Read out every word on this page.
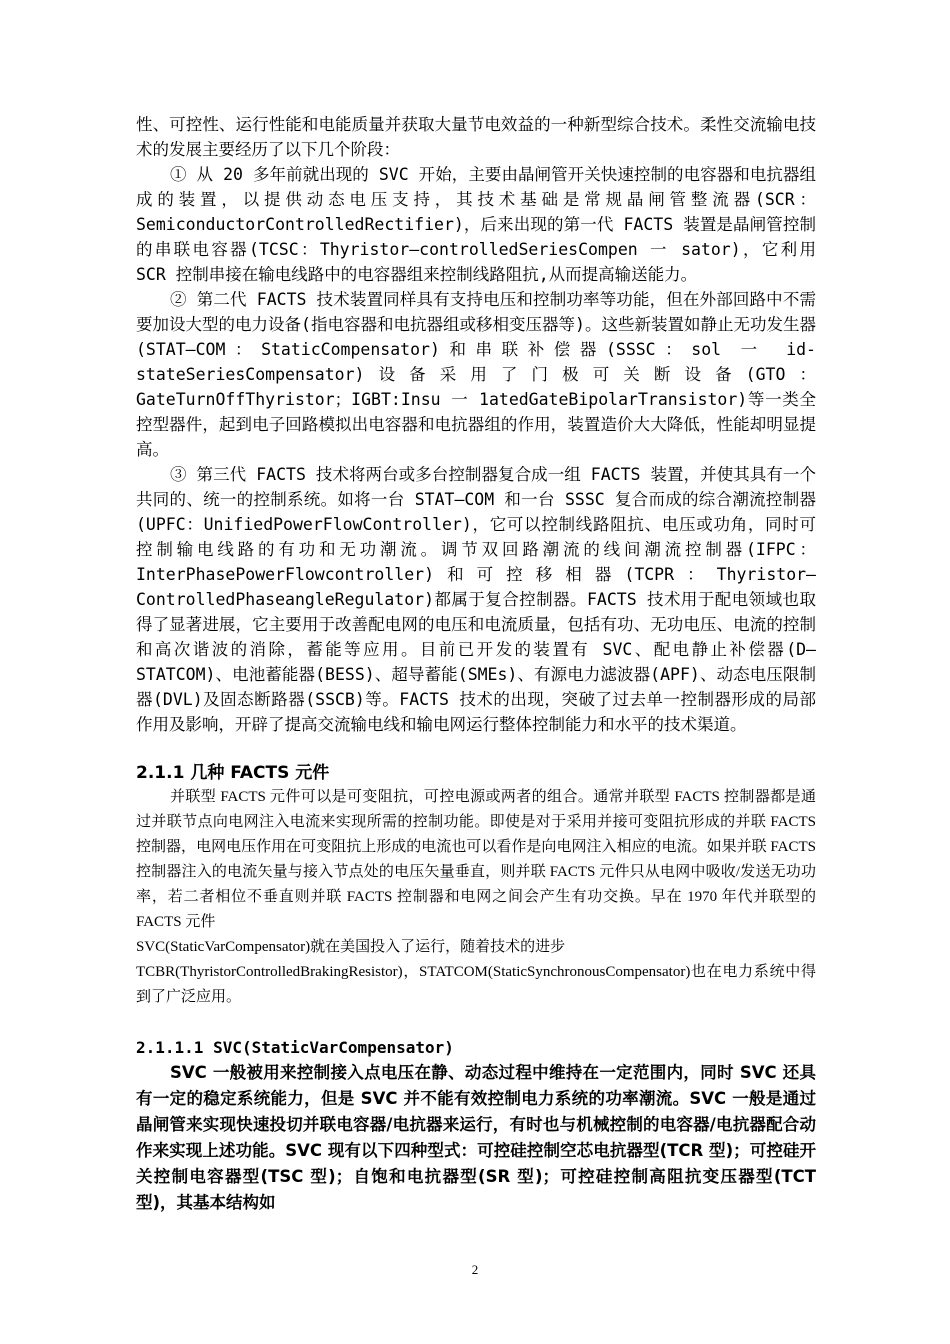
性、可控性、运行性能和电能质量并获取大量节电效益的一种新型综合技术。柔性交流输电技术的发展主要经历了以下几个阶段：

① 从 20 多年前就出现的 SVC 开始，主要由晶闸管开关快速控制的电容器和电抗器组成的装置，以提供动态电压支持，其技术基础是常规晶闸管整流器(SCR：SemiconductorControlledRectifier)，后来出现的第一代 FACTS 装置是晶闸管控制的串联电容器(TCSC：Thyristor—controlledSeriesCompen 一 sator)，它利用 SCR 控制串接在输电线路中的电容器组来控制线路阻抗,从而提高输送能力。

② 第二代 FACTS 技术装置同样具有支持电压和控制功率等功能，但在外部回路中不需要加设大型的电力设备(指电容器和电抗器组或移相变压器等)。这些新装置如静止无功发生器(STAT—COM：StaticCompensator)和串联补偿器(SSSC：sol 一 id-stateSeriesCompensator)设备采用了门极可关断设备(GTO：GateTurnOffThyristor；IGBT:Insu 一 1atedGateBipolarTransistor)等一类全控型器件，起到电子回路模拟出电容器和电抗器组的作用，装置造价大大降低，性能却明显提高。

③ 第三代 FACTS 技术将两台或多台控制器复合成一组 FACTS 装置，并使其具有一个共同的、统一的控制系统。如将一台 STAT—COM 和一台 SSSC 复合而成的综合潮流控制器(UPFC：UnifiedPowerFlowController)，它可以控制线路阻抗、电压或功角，同时可控制输电线路的有功和无功潮流。调节双回路潮流的线间潮流控制器(IFPC：InterPhasePowerFlowcontroller)和可控移相器(TCPR：Thyristor—ControlledPhaseangleRegulator)都属于复合控制器。FACTS 技术用于配电领域也取得了显著进展，它主要用于改善配电网的电压和电流质量，包括有功、无功电压、电流的控制和高次谐波的消除，蓄能等应用。目前已开发的装置有 SVC、配电静止补偿器(D—STATCOM)、电池蓄能器(BESS)、超导蓄能(SMEs)、有源电力滤波器(APF)、动态电压限制器(DVL)及固态断路器(SSCB)等。FACTS 技术的出现，突破了过去单一控制器形成的局部作用及影响，开辟了提高交流输电线和输电网运行整体控制能力和水平的技术渠道。

2.1.1 几种 FACTS 元件

并联型 FACTS 元件可以是可变阻抗，可控电源或两者的组合。通常并联型 FACTS 控制器都是通过并联节点向电网注入电流来实现所需的控制功能。即使是对于采用并接可变阻抗形成的并联 FACTS 控制器，电网电压作用在可变阻抗上形成的电流也可以看作是向电网注入相应的电流。如果并联 FACTS 控制器注入的电流矢量与接入节点处的电压矢量垂直，则并联 FACTS 元件只从电网中吸收/发送无功功率，若二者相位不垂直则并联 FACTS 控制器和电网之间会产生有功交换。早在 1970 年代并联型的 FACTS 元件

SVC(StaticVarCompensator)就在美国投入了运行，随着技术的进步

TCBR(ThyristorControlledBrakingResistor)，STATCOM(StaticSynchronousCompensator)也在电力系统中得到了广泛应用。

2.1.1.1 SVC(StaticVarCompensator)

SVC 一般被用来控制接入点电压在静、动态过程中维持在一定范围内，同时 SVC 还具有一定的稳定系统能力，但是 SVC 并不能有效控制电力系统的功率潮流。SVC 一般是通过晶闸管来实现快速投切并联电容器/电抗器来运行，有时也与机械控制的电容器/电抗器配合动作来实现上述功能。SVC 现有以下四种型式：可控硅控制空芯电抗器型(TCR 型)；可控硅开关控制电容器型(TSC 型)；自饱和电抗器型(SR 型)；可控硅控制高阻抗变压器型(TCT 型)，其基本结构如

2
